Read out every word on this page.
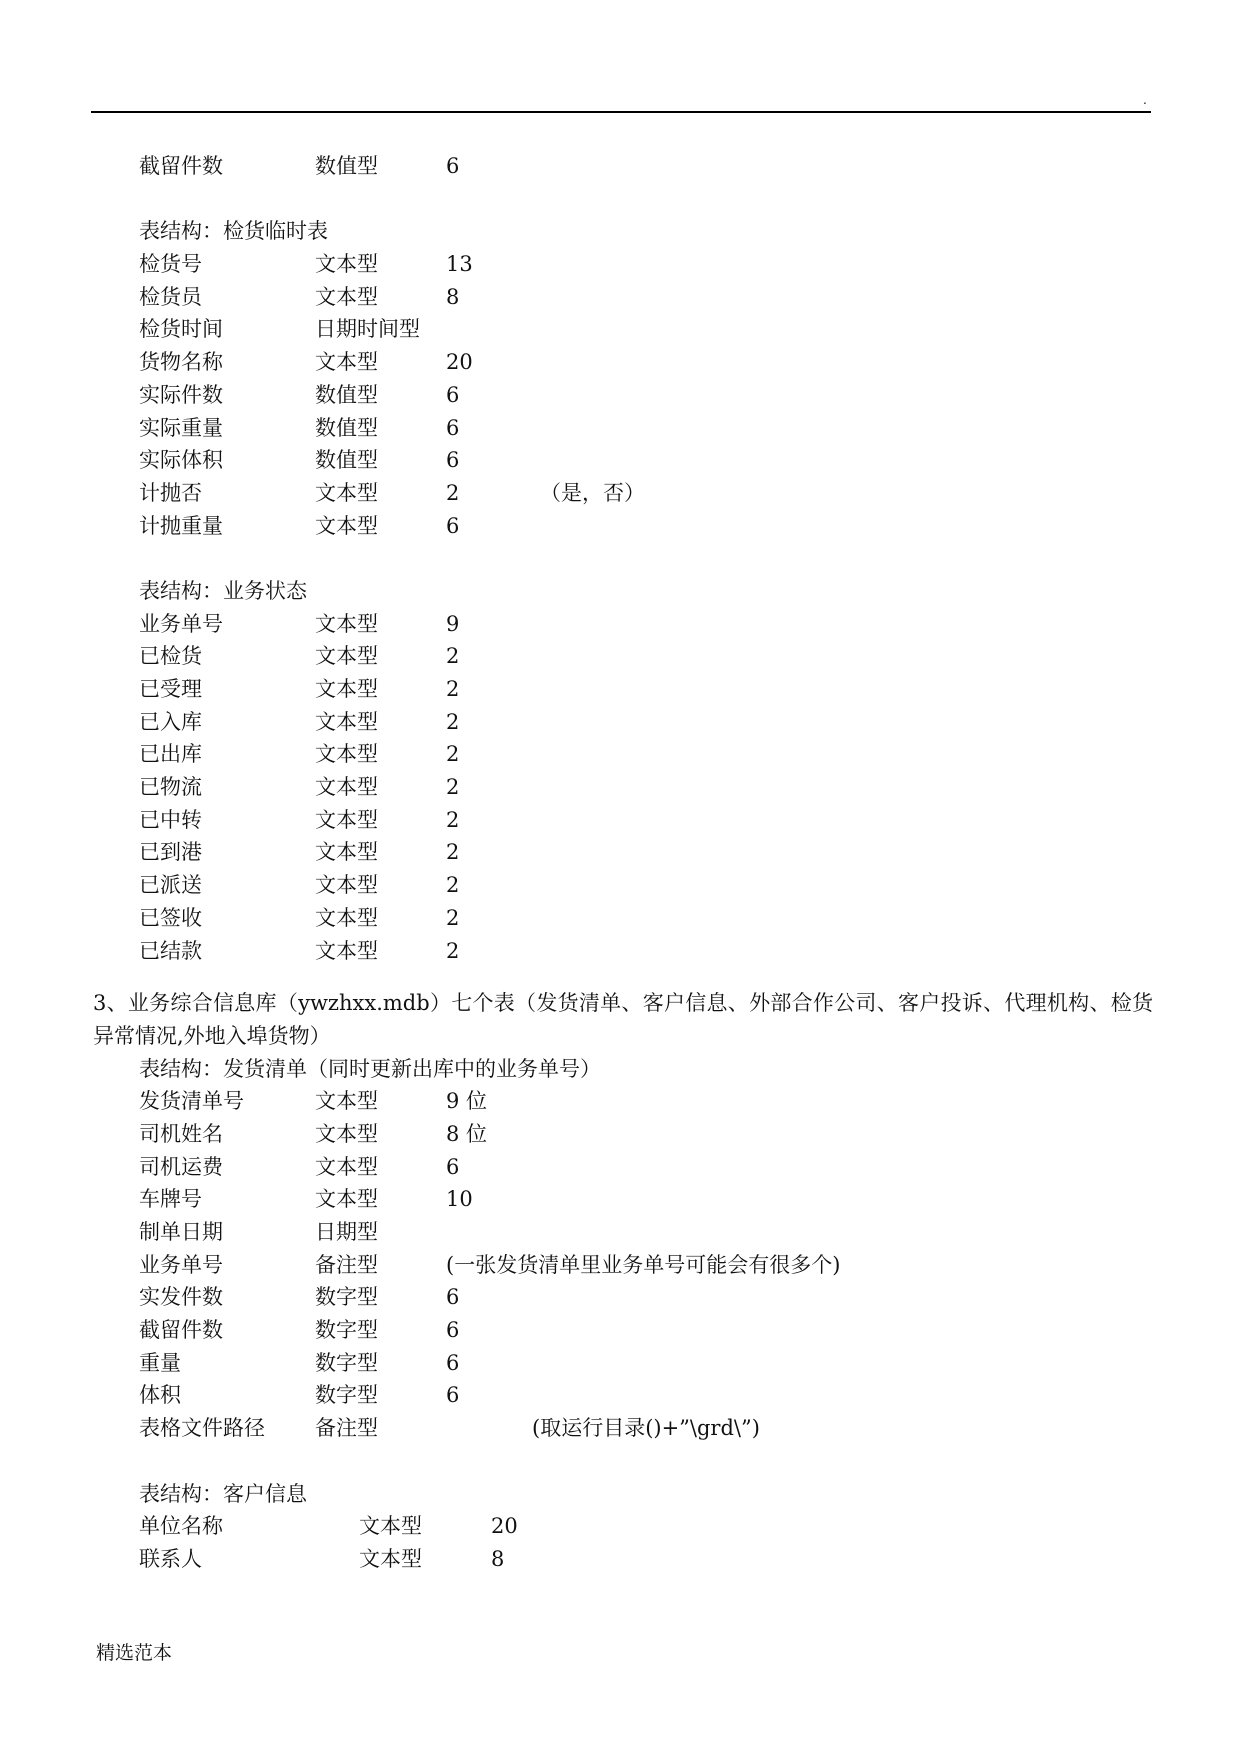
.
截留件数	数值型	6
表结构：检货临时表
检货号	文本型	13
检货员	文本型	8
检货时间	日期时间型
货物名称	文本型	20
实际件数	数值型	6
实际重量	数值型	6
实际体积	数值型	6
计抛否	文本型	2	（是，否）
计抛重量	文本型	6
表结构：业务状态
业务单号	文本型	9
已检货	文本型	2
已受理	文本型	2
已入库	文本型	2
已出库	文本型	2
已物流	文本型	2
已中转	文本型	2
已到港	文本型	2
已派送	文本型	2
已签收	文本型	2
已结款	文本型	2
3、业务综合信息库（ywzhxx.mdb）七个表（发货清单、客户信息、外部合作公司、客户投诉、代理机构、检货异常情况,外地入埠货物）
表结构：发货清单（同时更新出库中的业务单号）
发货清单号	文本型	9 位
司机姓名	文本型	8 位
司机运费	文本型	6
车牌号	文本型	10
制单日期	日期型
业务单号	备注型	(一张发货清单里业务单号可能会有很多个)
实发件数	数字型	6
截留件数	数字型	6
重量	数字型	6
体积	数字型	6
表格文件路径 备注型	(取运行目录()+”\grd\”)
表结构：客户信息
单位名称	文本型	20
联系人	文本型	8
精选范本
